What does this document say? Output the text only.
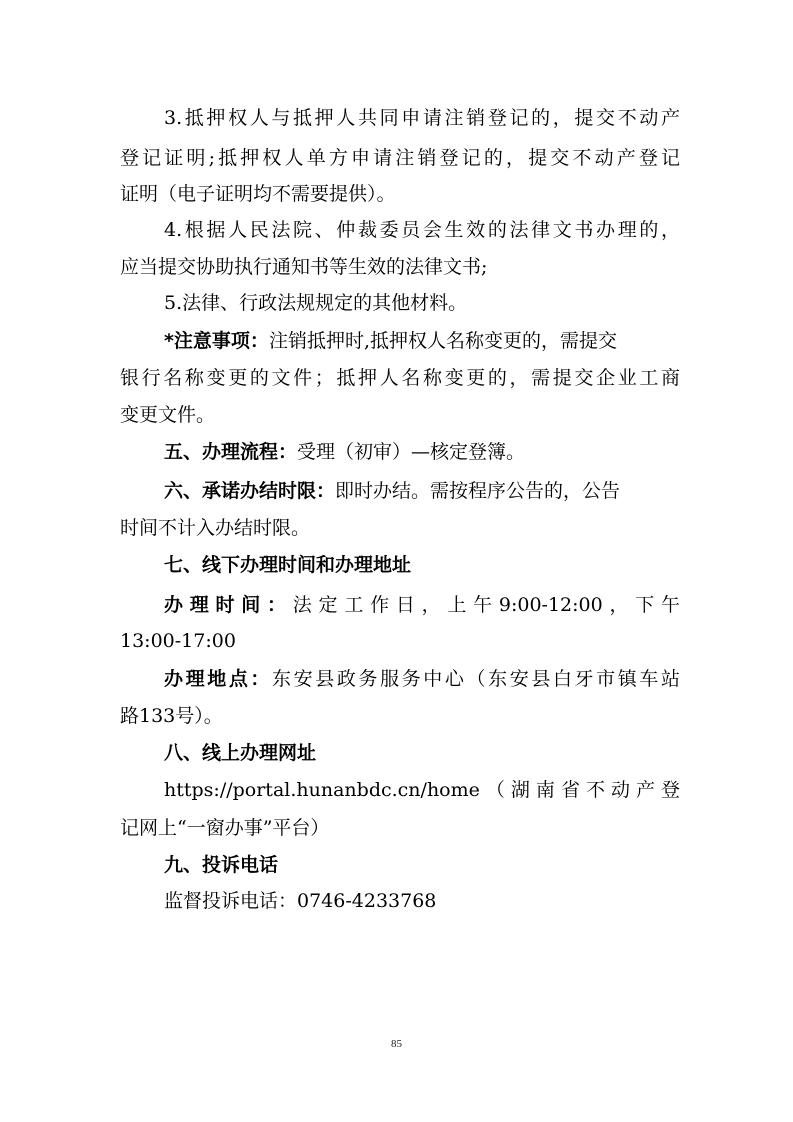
3.抵押权人与抵押人共同申请注销登记的，提交不动产
登记证明;抵押权人单方申请注销登记的，提交不动产登记
证明（电子证明均不需要提供）。
4.根据人民法院、仲裁委员会生效的法律文书办理的，
应当提交协助执行通知书等生效的法律文书;
5.法律、行政法规规定的其他材料。
*注意事项：注销抵押时,抵押权人名称变更的，需提交
银行名称变更的文件；抵押人名称变更的，需提交企业工商
变更文件。
五、办理流程：受理（初审）—核定登簿。
六、承诺办结时限：即时办结。需按程序公告的，公告
时间不计入办结时限。
七、线下办理时间和办理地址
办理时间：法定工作日，上午9:00-12:00，下午
13:00-17:00
办理地点：东安县政务服务中心（东安县白牙市镇车站
路133号）。
八、线上办理网址
https://portal.hunanbdc.cn/home（湖南省不动产登
记网上“一窗办事”平台）
九、投诉电话
监督投诉电话：0746-4233768
85
